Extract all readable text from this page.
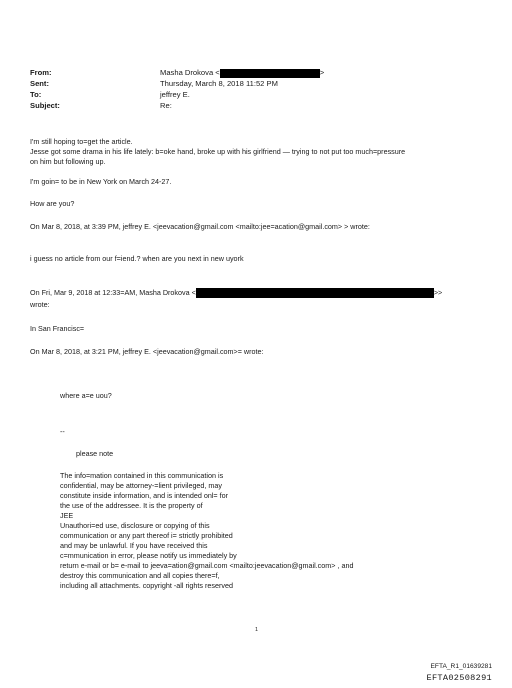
From:	Masha Drokova <	>
Sent:	Thursday, March 8, 2018 11:52 PM
To:	jeffrey E.
Subject:	Re:
I'm still hoping to=get the article.
Jesse got some drama in his life lately: b=oke hand, broke up with his girlfriend — trying to not put too much=pressure
on him but following up.
I'm goin= to be in New York on March 24-27.
How are you?
On Mar 8, 2018, at 3:39 PM, jeffrey E. <jeevacation@gmail.com <mailto:jee=acation@gmail.com> > wrote:
i guess no article from our f=iend.? when are you next in new uyork
On Fri, Mar 9, 2018 at 12:33=AM, Masha Drokova <	>>
wrote:
In San Francisc=
On Mar 8, 2018, at 3:21 PM, jeffrey E. <jeevacation@gmail.com>= wrote:
where a=e uou?
--
please note
The info=mation contained in this communication is
confidential, may be attorney-=lient privileged, may
constitute inside information, and is intended onl= for
the use of the addressee. It is the property of
JEE
Unauthori=ed use, disclosure or copying of this
communication or any part thereof i= strictly prohibited
and may be unlawful. If you have received this
c=mmunication in error, please notify us immediately by
return e-mail or b= e-mail to jeeva=ation@gmail.com <mailto:jeevacation@gmail.com> , and
destroy this communication and all copies there=f,
including all attachments. copyright -all rights reserved
1
EFTA_R1_01639281
EFTA02508291
